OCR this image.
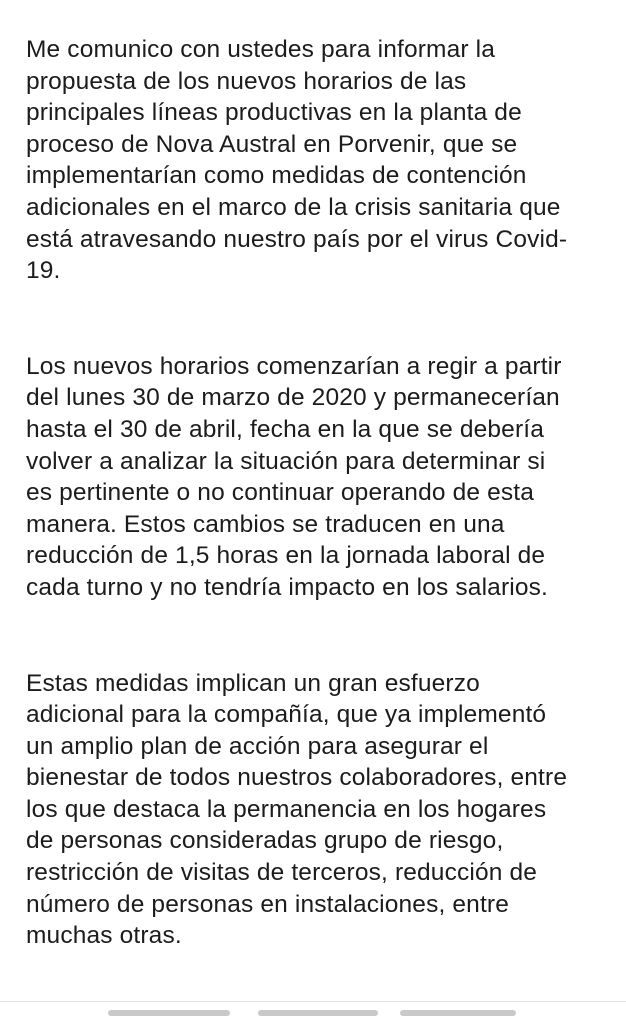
Me comunico con ustedes para informar la
propuesta de los nuevos horarios de las
principales líneas productivas en la planta de
proceso de Nova Austral en Porvenir, que se
implementarían como medidas de contención
adicionales en el marco de la crisis sanitaria que
está atravesando nuestro país por el virus Covid-
19.

Los nuevos horarios comenzarían a regir a partir
del lunes 30 de marzo de 2020 y permanecerían
hasta el 30 de abril, fecha en la que se debería
volver a analizar la situación para determinar si
es pertinente o no continuar operando de esta
manera. Estos cambios se traducen en una
reducción de 1,5 horas en la jornada laboral de
cada turno y no tendría impacto en los salarios.

Estas medidas implican un gran esfuerzo
adicional para la compañía, que ya implementó
un amplio plan de acción para asegurar el
bienestar de todos nuestros colaboradores, entre
los que destaca la permanencia en los hogares
de personas consideradas grupo de riesgo,
restricción de visitas de terceros, reducción de
número de personas en instalaciones, entre
muchas otras.
